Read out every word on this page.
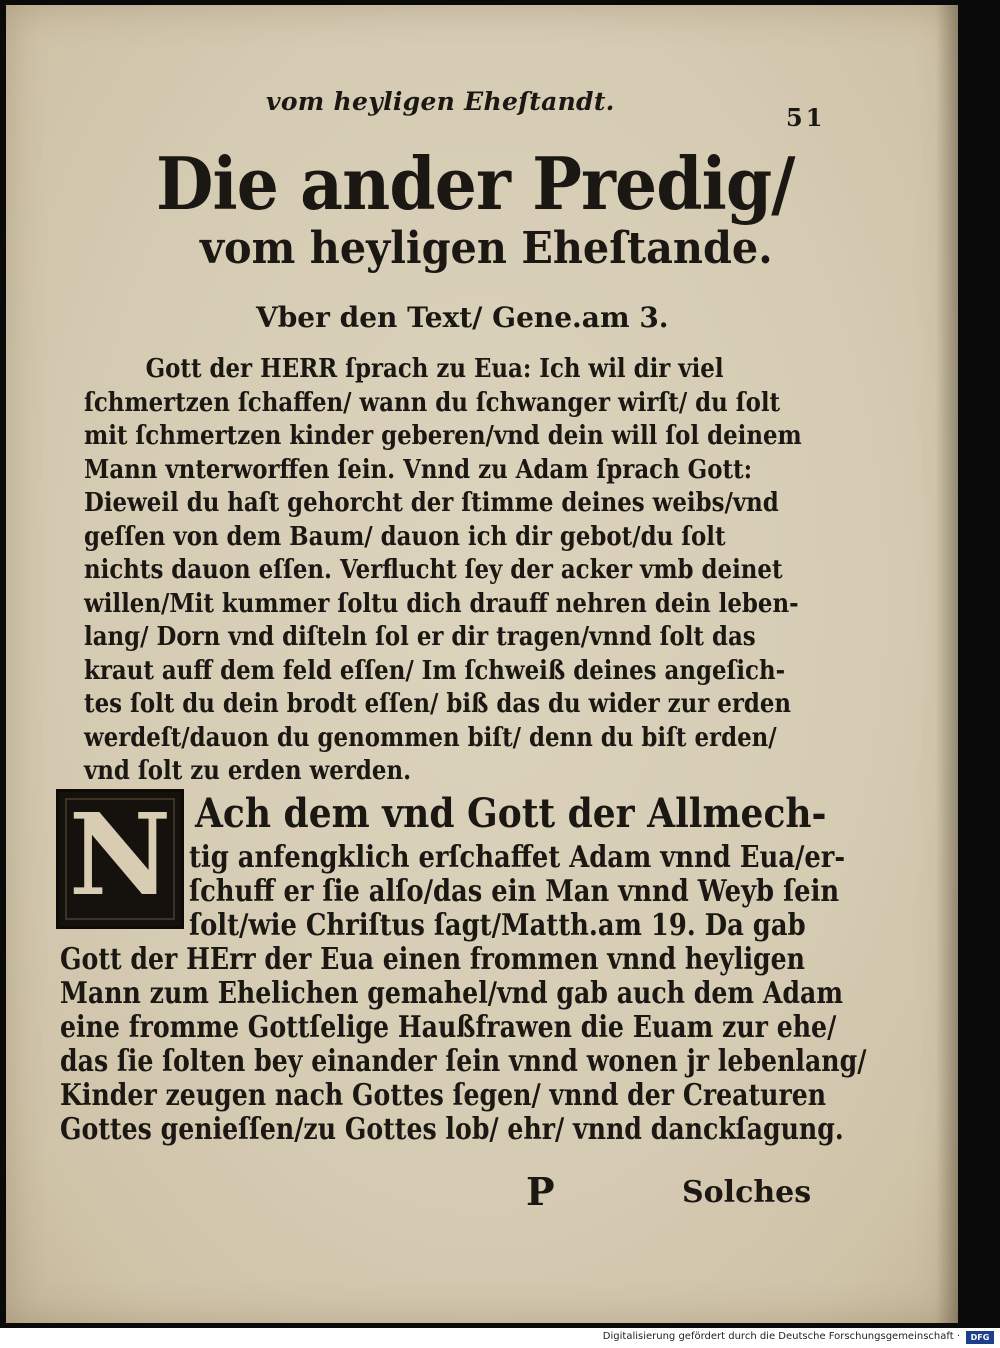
vom heyligen Eheſtandt.
51
Die ander Predig/
vom heyligen Eheſtande.
Vber den Text/ Gene.am 3.
Gott der HERR ſprach zu Eua: Ich wil dir viel
ſchmertzen ſchaffen/ wann du ſchwanger wirſt/ du ſolt
mit ſchmertzen kinder geberen/vnd dein will ſol deinem
Mann vnterworffen ſein. Vnnd zu Adam ſprach Gott:
Dieweil du haſt gehorcht der ſtimme deines weibs/vnd
geſſen von dem Baum/ dauon ich dir gebot/du ſolt
nichts dauon eſſen. Verflucht ſey der acker vmb deinet
willen/Mit kummer ſoltu dich drauff nehren dein leben-
lang/ Dorn vnd diſteln ſol er dir tragen/vnnd ſolt das
kraut auff dem feld eſſen/ Im ſchweiß deines angeſich-
tes ſolt du dein brodt eſſen/ biß das du wider zur erden
werdeſt/dauon du genommen biſt/ denn du biſt erden/
vnd ſolt zu erden werden.
N Ach dem vnd Gott der Allmech-
tig anfengklich erſchaffet Adam vnnd Eua/er-
ſchuff er ſie alſo/das ein Man vnnd Weyb ſein
ſolt/wie Chriſtus ſagt/Matth.am 19. Da gab
Gott der HErr der Eua einen frommen vnnd heyligen
Mann zum Ehelichen gemahel/vnd gab auch dem Adam
eine fromme Gottſelige Haußfrawen die Euam zur ehe/
das ſie ſolten bey einander ſein vnnd wonen jr lebenlang/
Kinder zeugen nach Gottes ſegen/ vnnd der Creaturen
Gottes genieſſen/zu Gottes lob/ ehr/ vnnd danckſagung.
P	Solches
Digitalisierung gefördert durch die Deutsche Forschungsgemeinschaft ·	DFG
